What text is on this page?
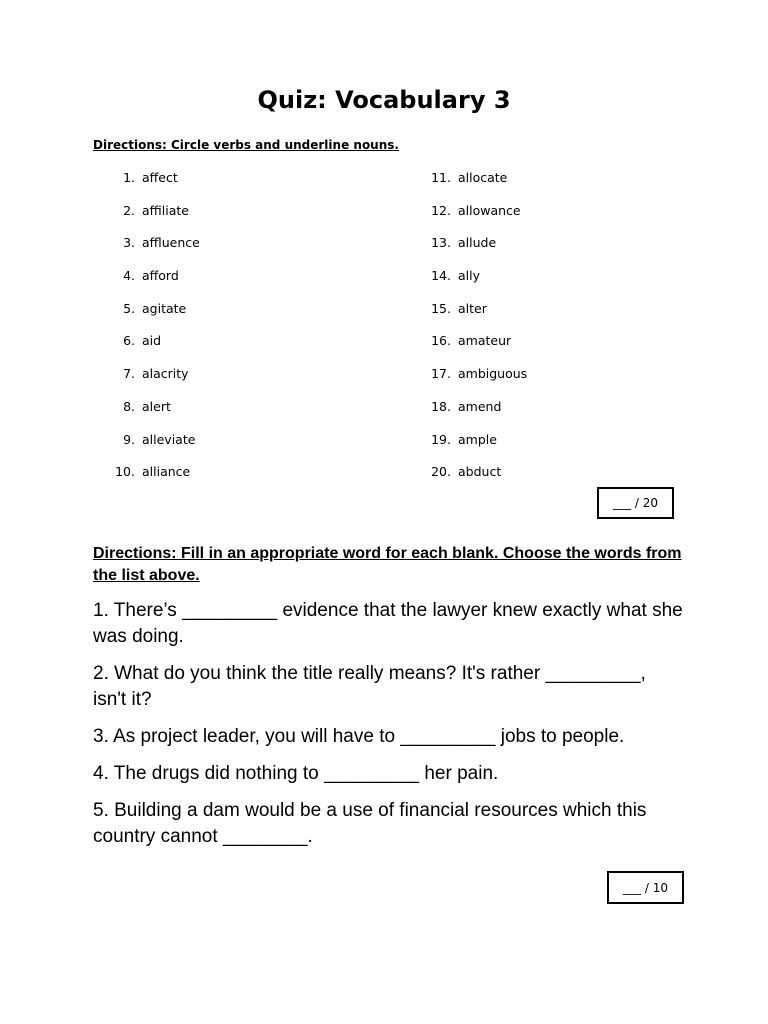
Quiz: Vocabulary 3
Directions: Circle verbs and underline nouns.
1. affect
2. affiliate
3. affluence
4. afford
5. agitate
6. aid
7. alacrity
8. alert
9. alleviate
10. alliance
11. allocate
12. allowance
13. allude
14. ally
15. alter
16. amateur
17. ambiguous
18. amend
19. ample
20. abduct
___ / 20
Directions: Fill in an appropriate word for each blank. Choose the words from the list above.

1. There’s _________ evidence that the lawyer knew exactly what she was doing.

2. What do you think the title really means? It's rather _________, isn't it?

3. As project leader, you will have to _________ jobs to people.

4. The drugs did nothing to _________ her pain.

5. Building a dam would be a use of financial resources which this country cannot ________.

___ / 10
